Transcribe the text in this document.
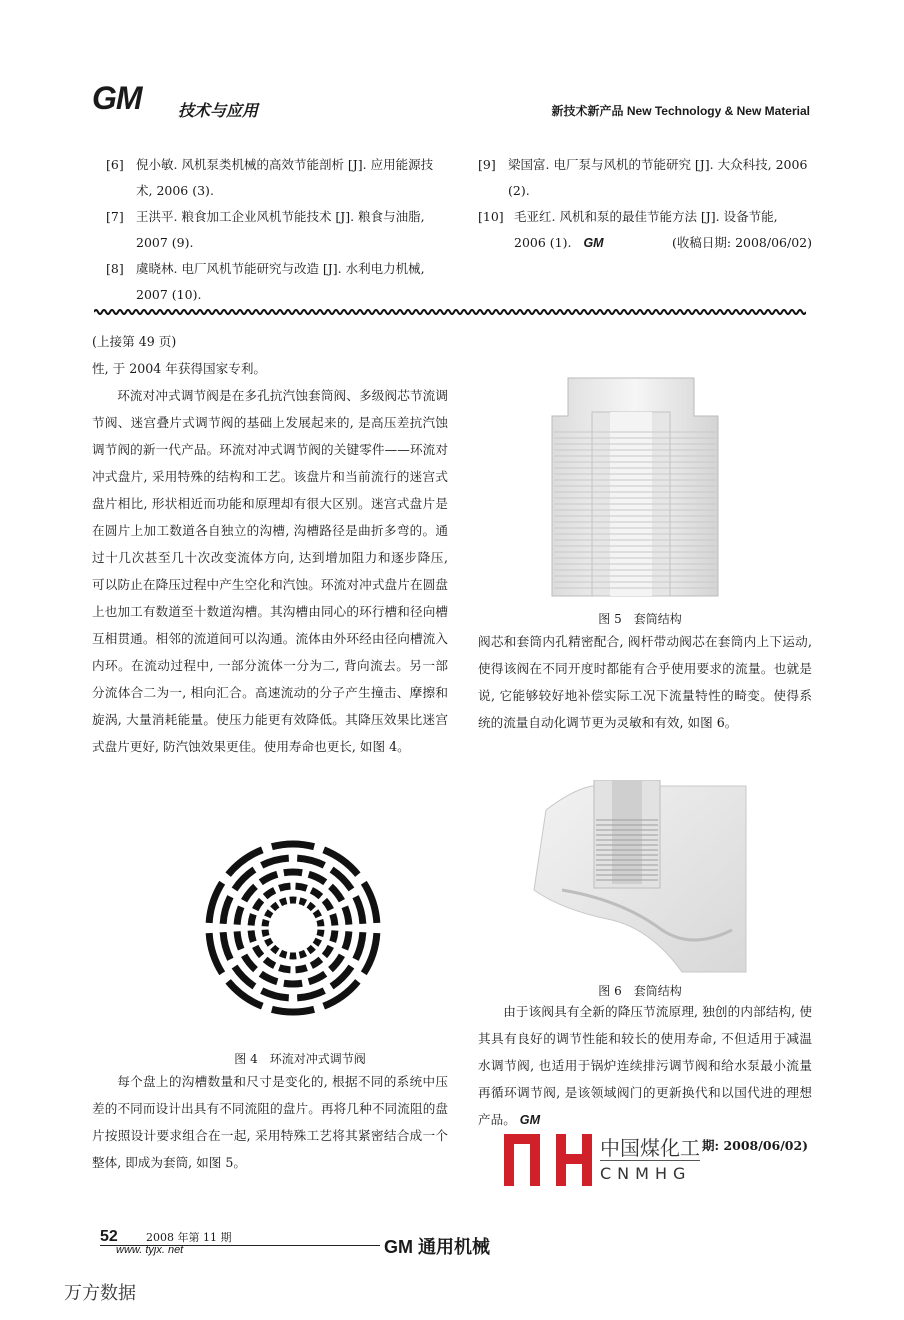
GM 技术与应用	新技术新产品 New Technology & New Material
[6] 倪小敏. 风机泵类机械的高效节能剖析 [J]. 应用能源技术, 2006 (3).
[7] 王洪平. 粮食加工企业风机节能技术 [J]. 粮食与油脂, 2007 (9).
[8] 虞晓林. 电厂风机节能研究与改造 [J]. 水利电力机械, 2007 (10).
[9] 梁国富. 电厂泵与风机的节能研究 [J]. 大众科技, 2006 (2).
[10] 毛亚红. 风机和泵的最佳节能方法 [J]. 设备节能, 2006 (1). GM	(收稿日期: 2008/06/02)

(上接第 49 页)

性, 于 2004 年获得国家专利。

环流对冲式调节阀是在多孔抗汽蚀套筒阀、多级阀芯节流调节阀、迷宫叠片式调节阀的基础上发展起来的, 是高压差抗汽蚀调节阀的新一代产品。环流对冲式调节阀的关键零件——环流对冲式盘片, 采用特殊的结构和工艺。该盘片和当前流行的迷宫式盘片相比, 形状相近而功能和原理却有很大区别。迷宫式盘片是在圆片上加工数道各自独立的沟槽, 沟槽路径是曲折多弯的。通过十几次甚至几十次改变流体方向, 达到增加阻力和逐步降压, 可以防止在降压过程中产生空化和汽蚀。环流对冲式盘片在圆盘上也加工有数道至十数道沟槽。其沟槽由同心的环行槽和径向槽互相贯通。相邻的流道间可以沟通。流体由外环经由径向槽流入内环。在流动过程中, 一部分流体一分为二, 背向流去。另一部分流体合二为一, 相向汇合。高速流动的分子产生撞击、摩擦和旋涡, 大量消耗能量。使压力能更有效降低。其降压效果比迷宫式盘片更好, 防汽蚀效果更佳。使用寿命也更长, 如图 4。

图 4　环流对冲式调节阀

每个盘上的沟槽数量和尺寸是变化的, 根据不同的系统中压差的不同而设计出具有不同流阻的盘片。再将几种不同流阻的盘片按照设计要求组合在一起, 采用特殊工艺将其紧密结合成一个整体, 即成为套筒, 如图 5。

图 5　套筒结构

阀芯和套筒内孔精密配合, 阀杆带动阀芯在套筒内上下运动, 使得该阀在不同开度时都能有合乎使用要求的流量。也就是说, 它能够较好地补偿实际工况下流量特性的畸变。使得系统的流量自动化调节更为灵敏和有效, 如图 6。

图 6　套筒结构

由于该阀具有全新的降压节流原理, 独创的内部结构, 使其具有良好的调节性能和较长的使用寿命, 不但适用于减温水调节阀, 也适用于锅炉连续排污调节阀和给水泵最小流量再循环调节阀, 是该领域阀门的更新换代和以国代进的理想产品。 GM

中国煤化工 期: 2008/06/02)
CNMHG
52	2008 年第 11 期
www. tyjx. net	GM 通用机械
万方数据
